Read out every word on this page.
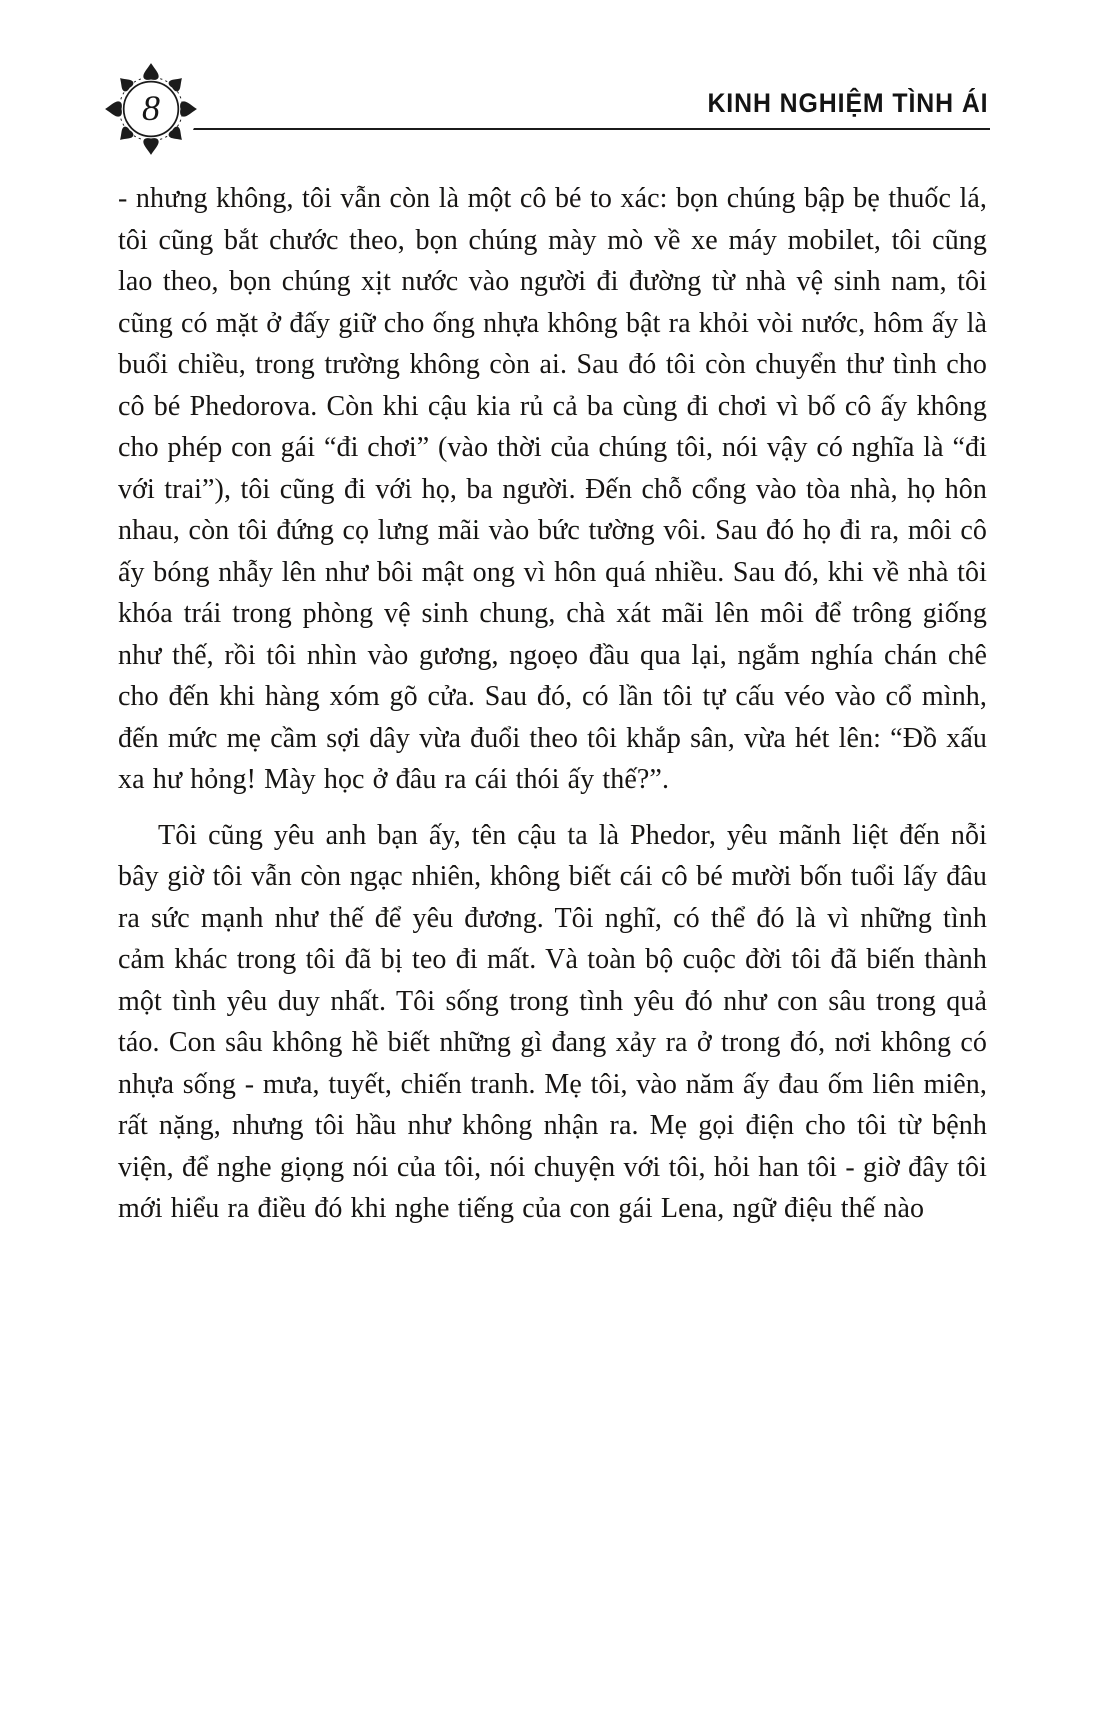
8	KINH NGHIỆM TÌNH ÁI

- nhưng không, tôi vẫn còn là một cô bé to xác: bọn chúng bập bẹ thuốc lá, tôi cũng bắt chước theo, bọn chúng mày mò về xe máy mobilet, tôi cũng lao theo, bọn chúng xịt nước vào người đi đường từ nhà vệ sinh nam, tôi cũng có mặt ở đấy giữ cho ống nhựa không bật ra khỏi vòi nước, hôm ấy là buổi chiều, trong trường không còn ai. Sau đó tôi còn chuyển thư tình cho cô bé Phedorova. Còn khi cậu kia rủ cả ba cùng đi chơi vì bố cô ấy không cho phép con gái “đi chơi” (vào thời của chúng tôi, nói vậy có nghĩa là “đi với trai”), tôi cũng đi với họ, ba người. Đến chỗ cổng vào tòa nhà, họ hôn nhau, còn tôi đứng cọ lưng mãi vào bức tường vôi. Sau đó họ đi ra, môi cô ấy bóng nhẫy lên như bôi mật ong vì hôn quá nhiều. Sau đó, khi về nhà tôi khóa trái trong phòng vệ sinh chung, chà xát mãi lên môi để trông giống như thế, rồi tôi nhìn vào gương, ngoẹo đầu qua lại, ngắm nghía chán chê cho đến khi hàng xóm gõ cửa. Sau đó, có lần tôi tự cấu véo vào cổ mình, đến mức mẹ cầm sợi dây vừa đuổi theo tôi khắp sân, vừa hét lên: “Đồ xấu xa hư hỏng! Mày học ở đâu ra cái thói ấy thế?”.

Tôi cũng yêu anh bạn ấy, tên cậu ta là Phedor, yêu mãnh liệt đến nỗi bây giờ tôi vẫn còn ngạc nhiên, không biết cái cô bé mười bốn tuổi lấy đâu ra sức mạnh như thế để yêu đương. Tôi nghĩ, có thể đó là vì những tình cảm khác trong tôi đã bị teo đi mất. Và toàn bộ cuộc đời tôi đã biến thành một tình yêu duy nhất. Tôi sống trong tình yêu đó như con sâu trong quả táo. Con sâu không hề biết những gì đang xảy ra ở trong đó, nơi không có nhựa sống - mưa, tuyết, chiến tranh. Mẹ tôi, vào năm ấy đau ốm liên miên, rất nặng, nhưng tôi hầu như không nhận ra. Mẹ gọi điện cho tôi từ bệnh viện, để nghe giọng nói của tôi, nói chuyện với tôi, hỏi han tôi - giờ đây tôi mới hiểu ra điều đó khi nghe tiếng của con gái Lena, ngữ điệu thế nào
